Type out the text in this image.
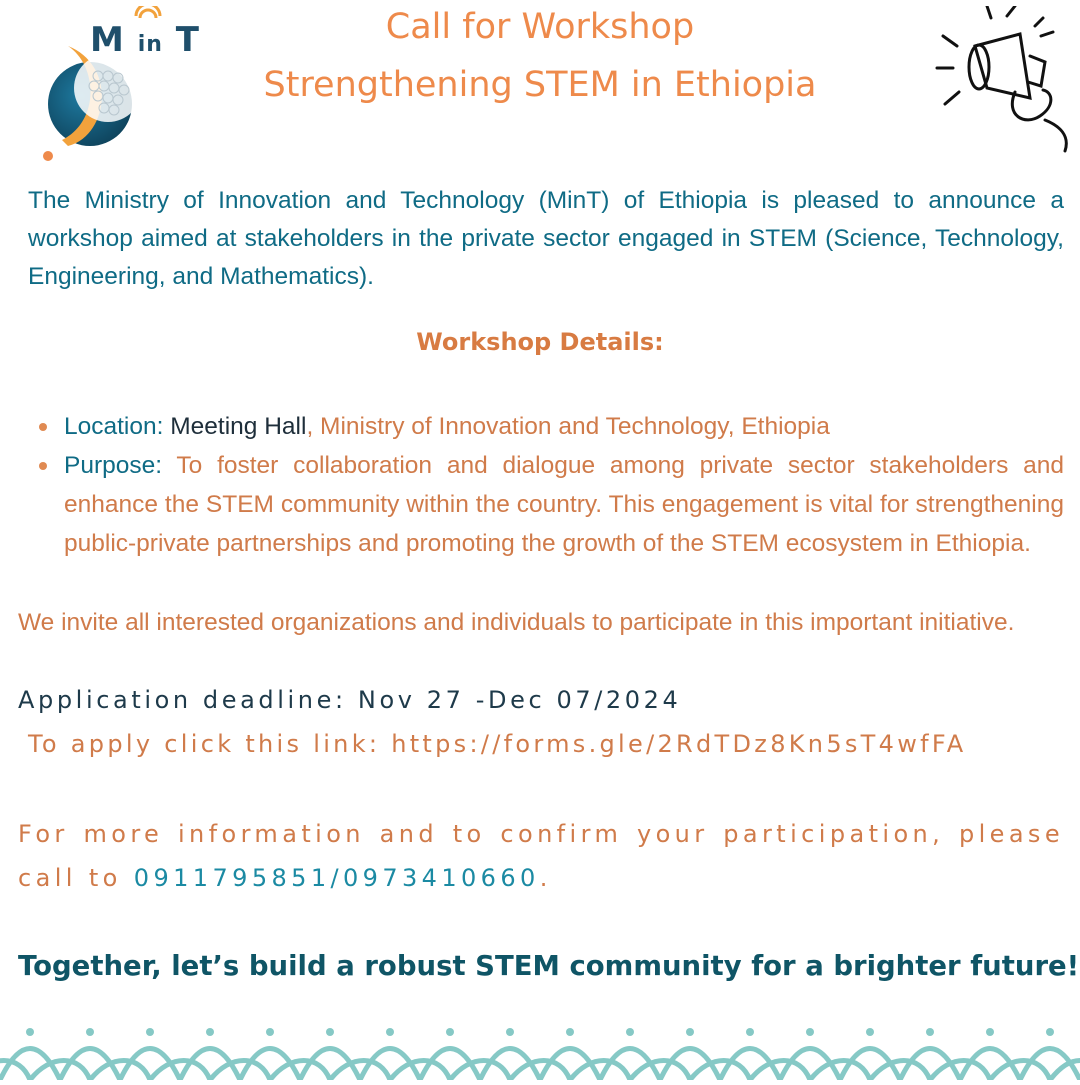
M in T	Call for Workshop
Strengthening STEM in Ethiopia
The Ministry of Innovation and Technology (MinT) of Ethiopia is pleased to announce a workshop aimed at stakeholders in the private sector engaged in STEM (Science, Technology, Engineering, and Mathematics).
Workshop Details:
Location: Meeting Hall, Ministry of Innovation and Technology, Ethiopia
Purpose: To foster collaboration and dialogue among private sector stakeholders and enhance the STEM community within the country. This engagement is vital for strengthening public-private partnerships and promoting the growth of the STEM ecosystem in Ethiopia.
We invite all interested organizations and individuals to participate in this important initiative.
Application deadline: Nov 27 -Dec 07/2024
To apply click this link: https://forms.gle/2RdTDz8Kn5sT4wfFA
For more information and to confirm your participation, please call to 0911795851/0973410660.
Together, let’s build a robust STEM community for a brighter future!
